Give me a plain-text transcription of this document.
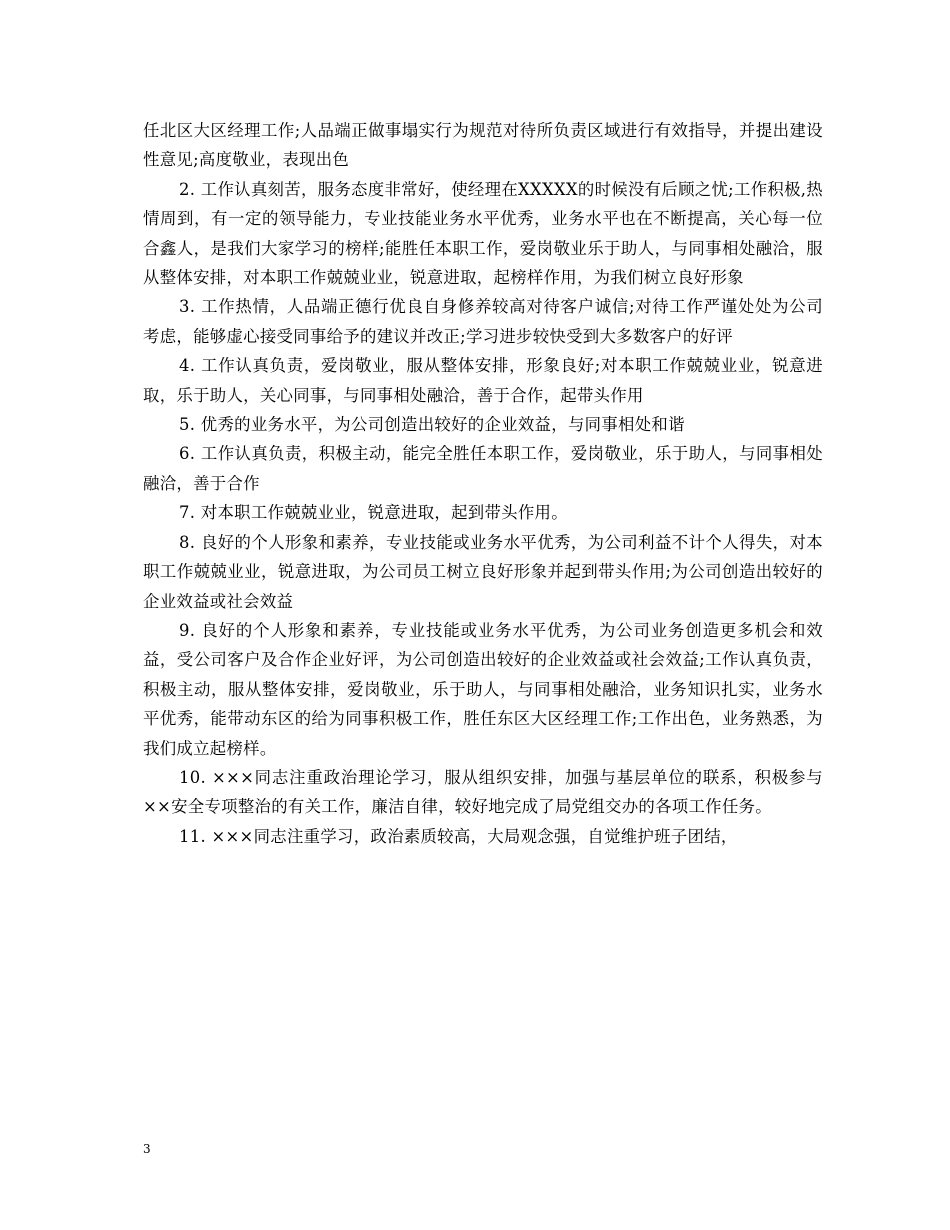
任北区大区经理工作;人品端正做事塌实行为规范对待所负责区域进行有效指导，并提出建设性意见;高度敬业，表现出色

2. 工作认真刻苦，服务态度非常好，使经理在XXXXX的时候没有后顾之忧;工作积极,热情周到，有一定的领导能力，专业技能业务水平优秀，业务水平也在不断提高，关心每一位合鑫人，是我们大家学习的榜样;能胜任本职工作，爱岗敬业乐于助人，与同事相处融洽，服从整体安排，对本职工作兢兢业业，锐意进取，起榜样作用，为我们树立良好形象

3. 工作热情，人品端正德行优良自身修养较高对待客户诚信;对待工作严谨处处为公司考虑，能够虚心接受同事给予的建议并改正;学习进步较快受到大多数客户的好评

4. 工作认真负责，爱岗敬业，服从整体安排，形象良好;对本职工作兢兢业业，锐意进取，乐于助人，关心同事，与同事相处融洽，善于合作，起带头作用

5. 优秀的业务水平，为公司创造出较好的企业效益，与同事相处和谐

6. 工作认真负责，积极主动，能完全胜任本职工作，爱岗敬业，乐于助人，与同事相处融洽，善于合作

7. 对本职工作兢兢业业，锐意进取，起到带头作用。

8. 良好的个人形象和素养，专业技能或业务水平优秀，为公司利益不计个人得失，对本职工作兢兢业业，锐意进取，为公司员工树立良好形象并起到带头作用;为公司创造出较好的企业效益或社会效益

9. 良好的个人形象和素养，专业技能或业务水平优秀，为公司业务创造更多机会和效益，受公司客户及合作企业好评，为公司创造出较好的企业效益或社会效益;工作认真负责，积极主动，服从整体安排，爱岗敬业，乐于助人，与同事相处融洽，业务知识扎实，业务水平优秀，能带动东区的给为同事积极工作，胜任东区大区经理工作;工作出色，业务熟悉，为我们成立起榜样。

10. ×××同志注重政治理论学习，服从组织安排，加强与基层单位的联系，积极参与××安全专项整治的有关工作，廉洁自律，较好地完成了局党组交办的各项工作任务。

11. ×××同志注重学习，政治素质较高，大局观念强，自觉维护班子团结，

3
